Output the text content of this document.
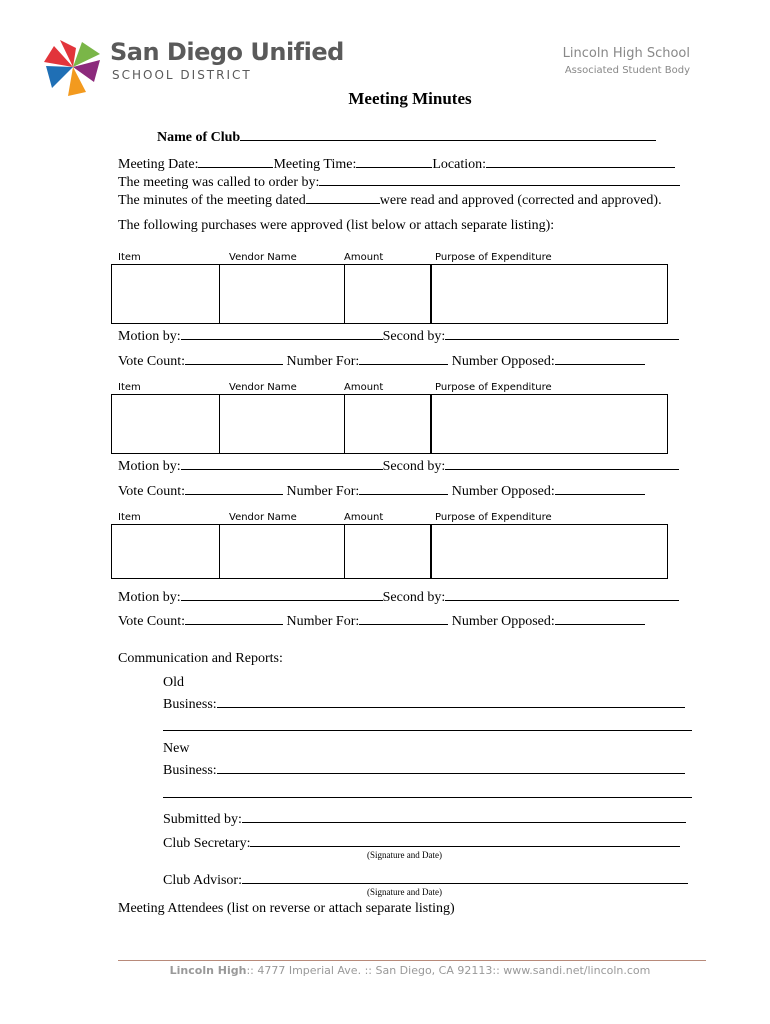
San Diego Unified
SCHOOL DISTRICT
Lincoln High School
Associated Student Body
Meeting Minutes
Name of Club
Meeting Date:	Meeting Time:	Location:
The meeting was called to order by:
The minutes of the meeting dated	were read and approved (corrected and approved).
The following purchases were approved (list below or attach separate listing):
Item	Vendor Name	Amount	Purpose of Expenditure
Motion by:	Second by:
Vote Count:	Number For:	Number Opposed:
Item	Vendor Name	Amount	Purpose of Expenditure
Motion by:	Second by:
Vote Count:	Number For:	Number Opposed:
Item	Vendor Name	Amount	Purpose of Expenditure
Motion by:	Second by:
Vote Count:	Number For:	Number Opposed:
Communication and Reports:
Old
Business:
New
Business:
Submitted by:
Club Secretary:
(Signature and Date)
Club Advisor:
(Signature and Date)
Meeting Attendees (list on reverse or attach separate listing)
Lincoln High:: 4777 Imperial Ave. :: San Diego, CA 92113:: www.sandi.net/lincoln.com
